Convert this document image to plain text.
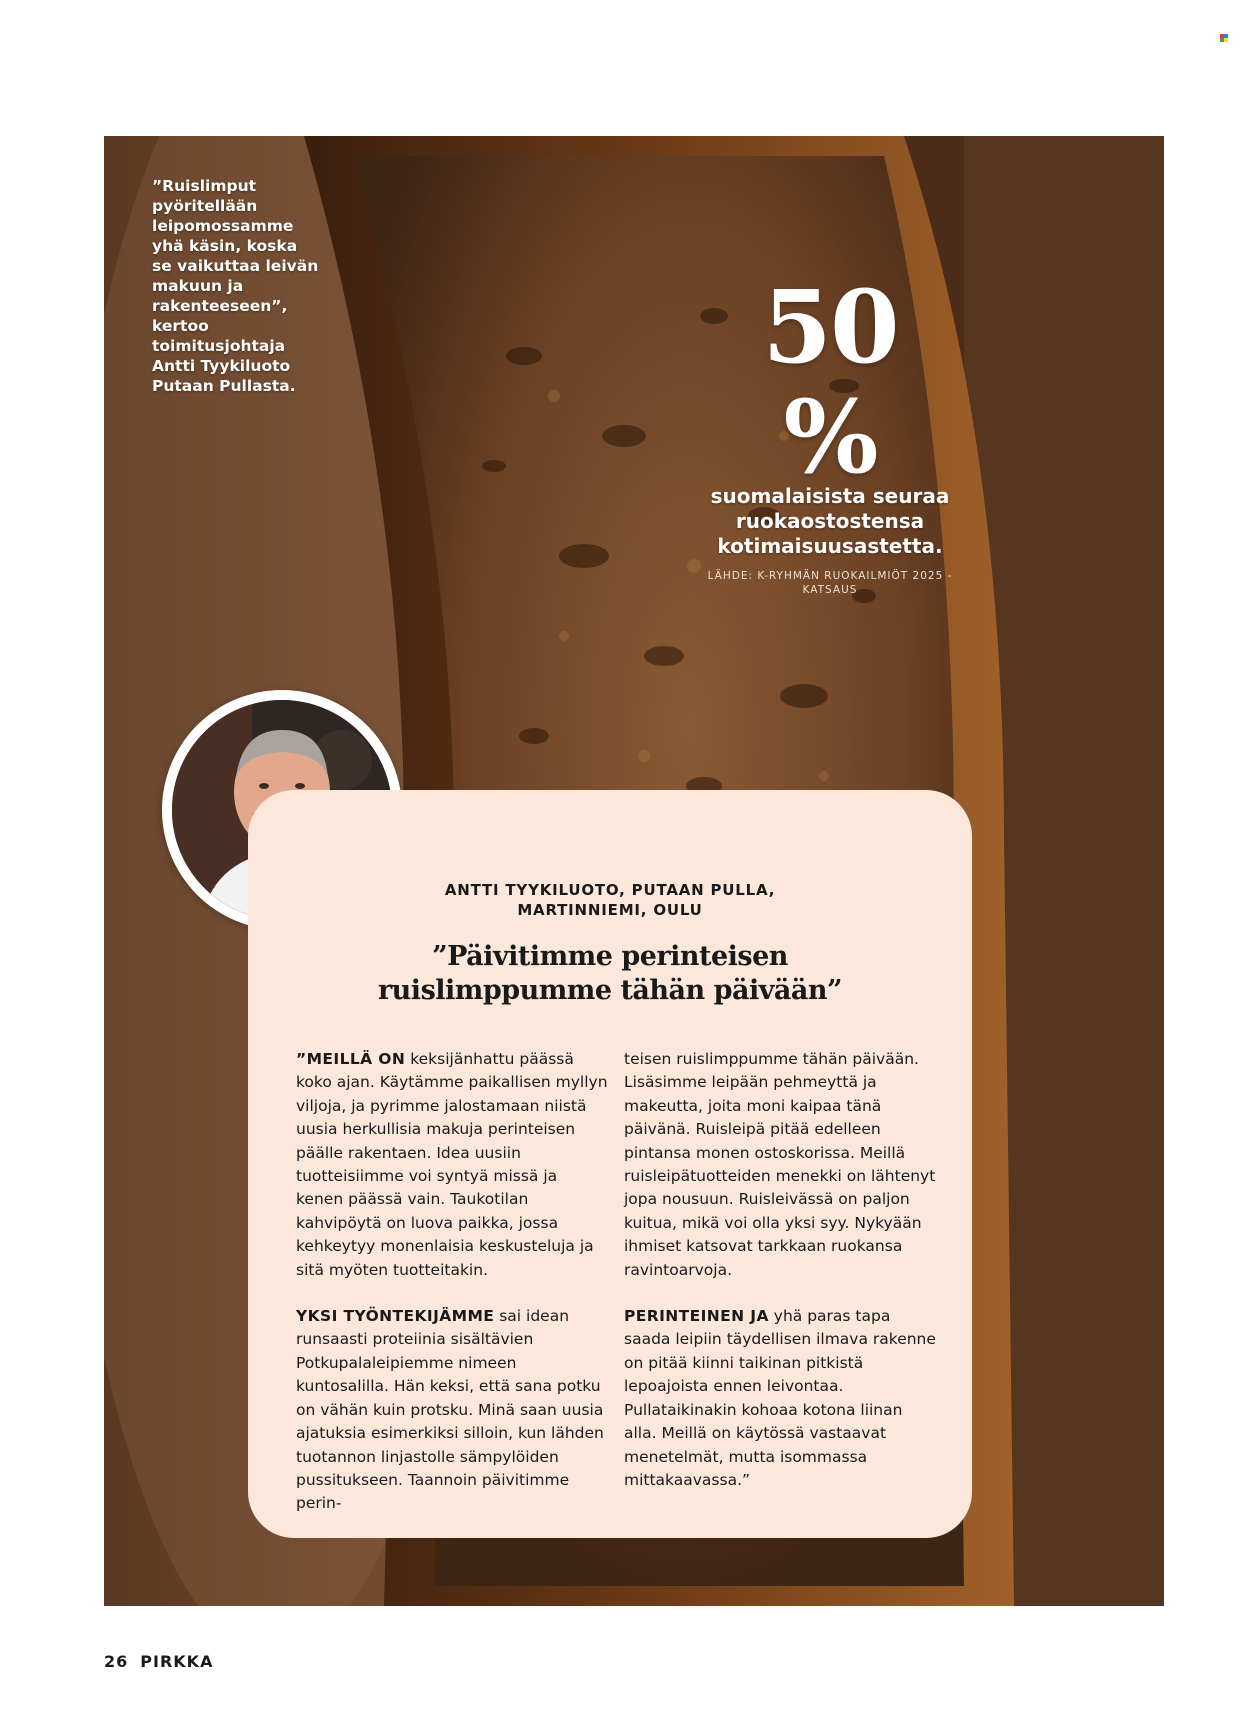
”Ruislimput pyöritellään leipomossamme yhä käsin, koska se vaikuttaa leivän makuun ja rakenteeseen”, kertoo toimitusjohtaja Antti Tyykiluoto Putaan Pullasta.	50 %
suomalaisista seuraa ruokaostostensa kotimaisuusastetta.
LÄHDE: K-RYHMÄN RUOKAILMIÖT 2025 -KATSAUS
ANTTI TYYKILUOTO, PUTAAN PULLA,
MARTINNIEMI, OULU
”Päivitimme perinteisen
ruislimppumme tähän päivään”

”MEILLÄ ON keksijänhattu päässä koko ajan. Käytämme paikallisen myllyn viljoja, ja pyrimme jalostamaan niistä uusia herkullisia makuja perinteisen päälle rakentaen. Idea uusiin tuotteisiimme voi syntyä missä ja kenen päässä vain. Taukotilan kahvipöytä on luova paikka, jossa kehkeytyy monenlaisia keskusteluja ja sitä myöten tuotteitakin.

YKSI TYÖNTEKIJÄMME sai idean runsaasti proteiinia sisältävien Potkupalaleipiemme nimeen kuntosalilla. Hän keksi, että sana potku on vähän kuin protsku. Minä saan uusia ajatuksia esimerkiksi silloin, kun lähden tuotannon linjastolle sämpylöiden pussitukseen. Taannoin päivitimme perin-

teisen ruislimppumme tähän päivään. Lisäsimme leipään pehmeyttä ja makeutta, joita moni kaipaa tänä päivänä. Ruisleipä pitää edelleen pintansa monen ostoskorissa. Meillä ruisleipätuotteiden menekki on lähtenyt jopa nousuun. Ruisleivässä on paljon kuitua, mikä voi olla yksi syy. Nykyään ihmiset katsovat tarkkaan ruokansa ravintoarvoja.

PERINTEINEN JA yhä paras tapa saada leipiin täydellisen ilmava rakenne on pitää kiinni taikinan pitkistä lepoajoista ennen leivontaa. Pullataikinakin kohoaa kotona liinan alla. Meillä on käytössä vastaavat menetelmät, mutta isommassa mittakaavassa.”

26 PIRKKA
